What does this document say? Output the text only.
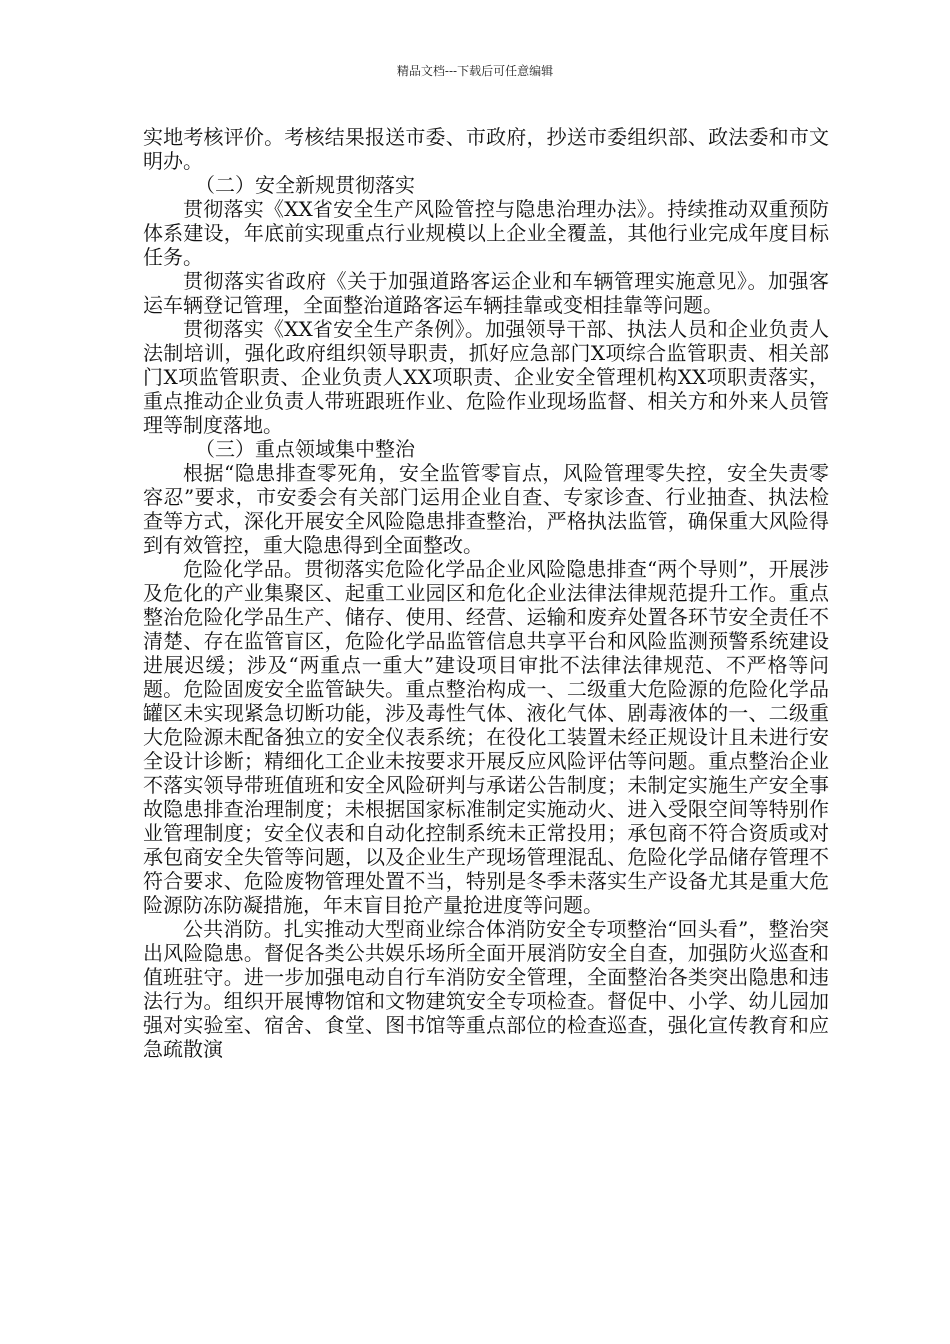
精品文档---下载后可任意编辑

实地考核评价。考核结果报送市委、市政府，抄送市委组织部、政法委和市文明办。

（二）安全新规贯彻落实

贯彻落实《XX省安全生产风险管控与隐患治理办法》。持续推动双重预防体系建设，年底前实现重点行业规模以上企业全覆盖，其他行业完成年度目标任务。

贯彻落实省政府《关于加强道路客运企业和车辆管理实施意见》。加强客运车辆登记管理，全面整治道路客运车辆挂靠或变相挂靠等问题。

贯彻落实《XX省安全生产条例》。加强领导干部、执法人员和企业负责人法制培训，强化政府组织领导职责，抓好应急部门X项综合监管职责、相关部门X项监管职责、企业负责人XX项职责、企业安全管理机构XX项职责落实，重点推动企业负责人带班跟班作业、危险作业现场监督、相关方和外来人员管理等制度落地。

（三）重点领域集中整治

根据“隐患排查零死角，安全监管零盲点，风险管理零失控，安全失责零容忍”要求，市安委会有关部门运用企业自查、专家诊查、行业抽查、执法检查等方式，深化开展安全风险隐患排查整治，严格执法监管，确保重大风险得到有效管控，重大隐患得到全面整改。

危险化学品。贯彻落实危险化学品企业风险隐患排查“两个导则”，开展涉及危化的产业集聚区、起重工业园区和危化企业法律法律规范提升工作。重点整治危险化学品生产、储存、使用、经营、运输和废弃处置各环节安全责任不清楚、存在监管盲区，危险化学品监管信息共享平台和风险监测预警系统建设进展迟缓；涉及“两重点一重大”建设项目审批不法律法律规范、不严格等问题。危险固废安全监管缺失。重点整治构成一、二级重大危险源的危险化学品罐区未实现紧急切断功能，涉及毒性气体、液化气体、剧毒液体的一、二级重大危险源未配备独立的安全仪表系统；在役化工装置未经正规设计且未进行安全设计诊断；精细化工企业未按要求开展反应风险评估等问题。重点整治企业不落实领导带班值班和安全风险研判与承诺公告制度；未制定实施生产安全事故隐患排查治理制度；未根据国家标准制定实施动火、进入受限空间等特别作业管理制度；安全仪表和自动化控制系统未正常投用；承包商不符合资质或对承包商安全失管等问题，以及企业生产现场管理混乱、危险化学品储存管理不符合要求、危险废物管理处置不当，特别是冬季未落实生产设备尤其是重大危险源防冻防凝措施，年末盲目抢产量抢进度等问题。

公共消防。扎实推动大型商业综合体消防安全专项整治“回头看”，整治突出风险隐患。督促各类公共娱乐场所全面开展消防安全自查，加强防火巡查和值班驻守。进一步加强电动自行车消防安全管理，全面整治各类突出隐患和违法行为。组织开展博物馆和文物建筑安全专项检查。督促中、小学、幼儿园加强对实验室、宿舍、食堂、图书馆等重点部位的检查巡查，强化宣传教育和应急疏散演
